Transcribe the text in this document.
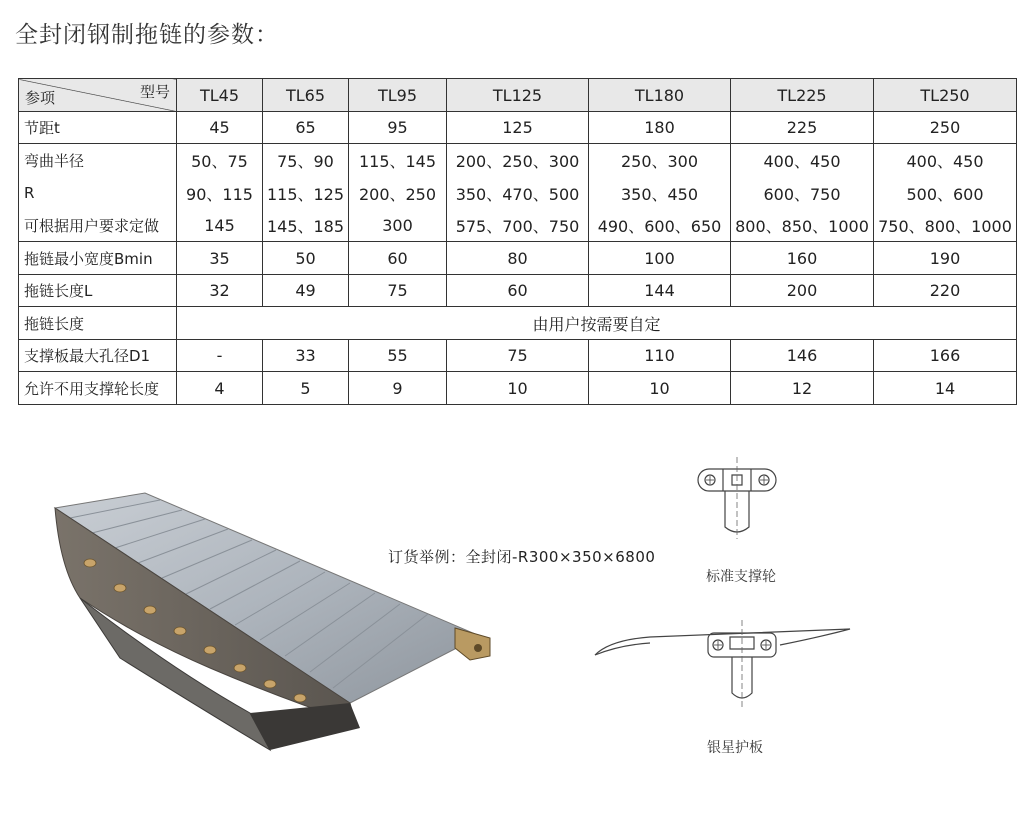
全封闭钢制拖链的参数：
型号
参项	TL45	TL65	TL95	TL125	TL180	TL225	TL250
节距t	45	65	95	125	180	225	250
弯曲半径	50、75	75、90	115、145	200、250、300	250、300	400、450	400、450
R	90、115	115、125	200、250	350、470、500	350、450	600、750	500、600
可根据用户要求定做	145	145、185	300	575、700、750	490、600、650	800、850、1000	750、800、1000
拖链最小宽度Bmin	35	50	60	80	100	160	190
拖链长度L	32	49	75	60	144	200	220
拖链长度	由用户按需要自定						
支撑板最大孔径D1	-	33	55	75	110	146	166
允许不用支撑轮长度	4	5	9	10	10	12	14
订货举例：全封闭-R300×350×6800
标准支撑轮
银星护板
